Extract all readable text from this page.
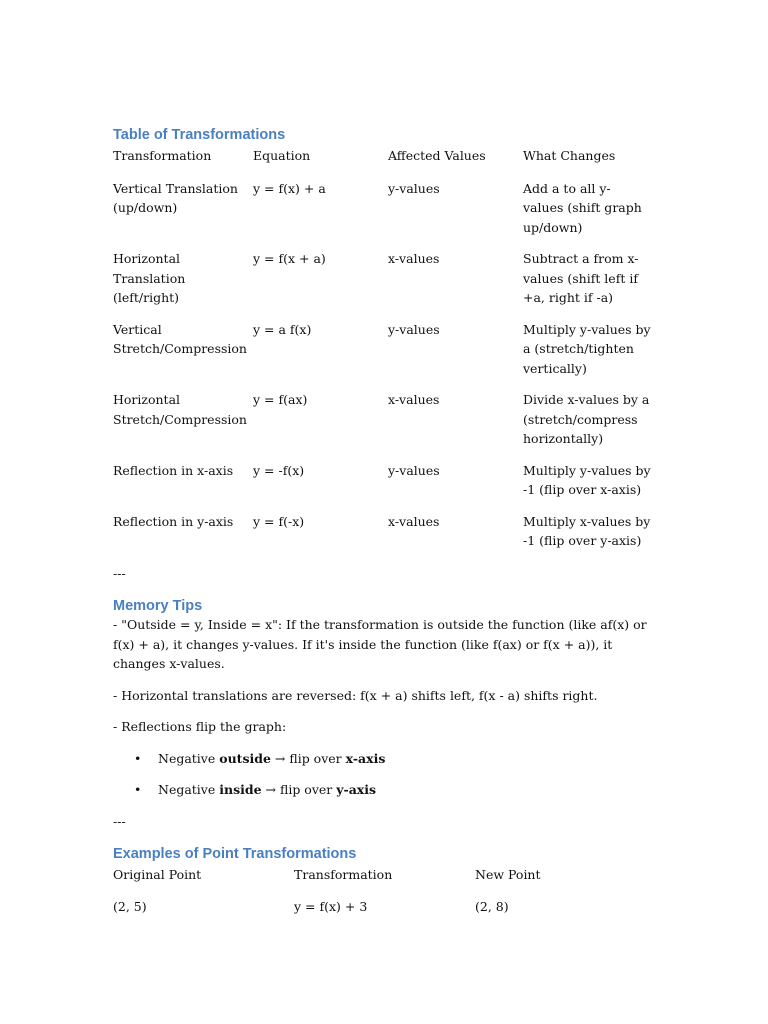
Table of Transformations
Transformation	Equation	Affected Values	What Changes
Vertical Translation (up/down)	y = f(x) + a	y-values	Add a to all y-values (shift graph up/down)
Horizontal Translation (left/right)	y = f(x + a)	x-values	Subtract a from x-values (shift left if +a, right if -a)
Vertical Stretch/Compression	y = a f(x)	y-values	Multiply y-values by a (stretch/tighten vertically)
Horizontal Stretch/Compression	y = f(ax)	x-values	Divide x-values by a (stretch/compress horizontally)
Reflection in x-axis	y = -f(x)	y-values	Multiply y-values by -1 (flip over x-axis)
Reflection in y-axis	y = f(-x)	x-values	Multiply x-values by -1 (flip over y-axis)
---
Memory Tips

- "Outside = y, Inside = x": If the transformation is outside the function (like af(x) or f(x) + a), it changes y-values. If it's inside the function (like f(ax) or f(x + a)), it changes x-values.

- Horizontal translations are reversed: f(x + a) shifts left, f(x - a) shifts right.

- Reflections flip the graph:

• Negative outside → flip over x-axis
• Negative inside → flip over y-axis
---
Examples of Point Transformations
Original Point	Transformation	New Point
(2, 5)	y = f(x) + 3	(2, 8)
